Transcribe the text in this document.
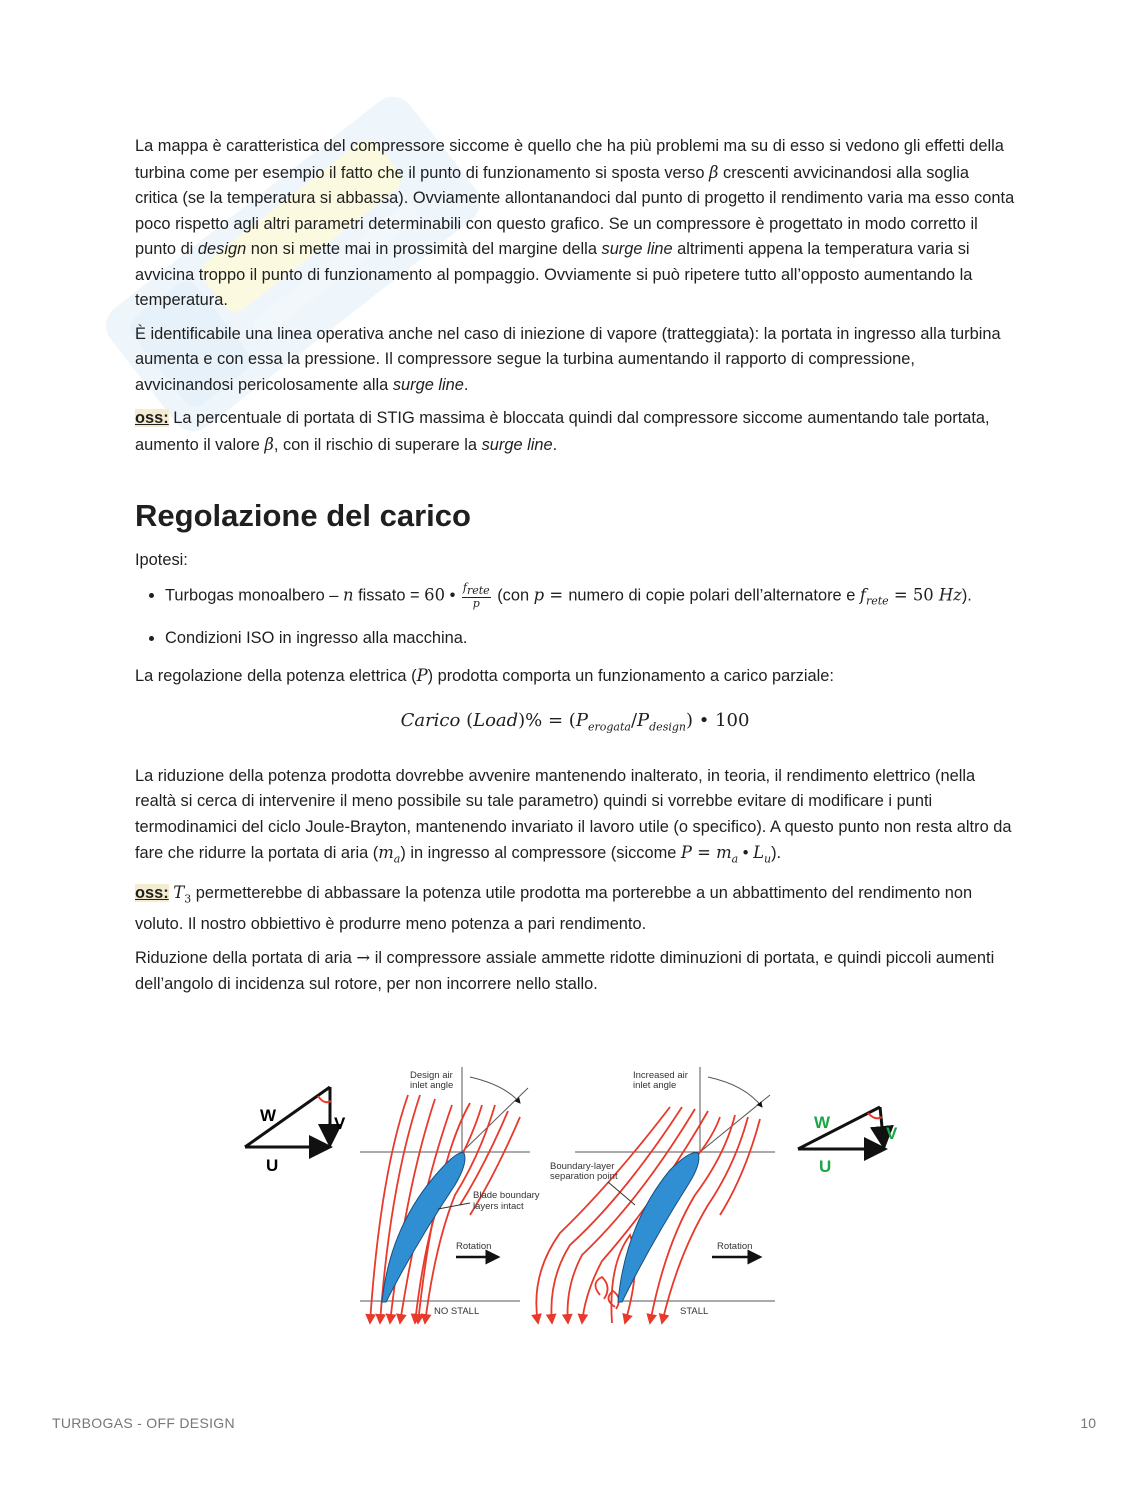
La mappa è caratteristica del compressore siccome è quello che ha più problemi ma su di esso si vedono gli effetti della turbina come per esempio il fatto che il punto di funzionamento si sposta verso β crescenti avvicinandosi alla soglia critica (se la temperatura si abbassa). Ovviamente allontanandoci dal punto di progetto il rendimento varia ma esso conta poco rispetto agli altri parametri determinabili con questo grafico. Se un compressore è progettato in modo corretto il punto di design non si mette mai in prossimità del margine della surge line altrimenti appena la temperatura varia si avvicina troppo il punto di funzionamento al pompaggio. Ovviamente si può ripetere tutto all’opposto aumentando la temperatura.

È identificabile una linea operativa anche nel caso di iniezione di vapore (tratteggiata): la portata in ingresso alla turbina aumenta e con essa la pressione. Il compressore segue la turbina aumentando il rapporto di compressione, avvicinandosi pericolosamente alla surge line.

oss: La percentuale di portata di STIG massima è bloccata quindi dal compressore siccome aumentando tale portata, aumento il valore β, con il rischio di superare la surge line.

Regolazione del carico

Ipotesi:

• Turbogas monoalbero – n fissato = 60 • $\frac{f_{rete}}{p} (con$ p = numero di copie polari dell’alternatore e $f_{rete} = 50$ Hz).
• Condizioni ISO in ingresso alla macchina.

La regolazione della potenza elettrica (P) prodotta comporta un funzionamento a carico parziale:

Carico (Load)% = $(P_{erogata}/P_{design})$ • 100

La riduzione della potenza prodotta dovrebbe avvenire mantenendo inalterato, in teoria, il rendimento elettrico (nella realtà si cerca di intervenire il meno possibile su tale parametro) quindi si vorrebbe evitare di modificare i punti termodinamici del ciclo Joule-Brayton, mantenendo invariato il lavoro utile (o specifico). A questo punto non resta altro da fare che ridurre la portata di aria $(m_a)$ in ingresso al compressore (siccome $P = m_a$ • $L_u$).

oss: $T_3$ permetterebbe di abbassare la potenza utile prodotta ma porterebbe a un abbattimento del rendimento non voluto. Il nostro obbiettivo è produrre meno potenza a pari rendimento.

Riduzione della portata di aria → il compressore assiale ammette ridotte diminuzioni di portata, e quindi piccoli aumenti dell’angolo di incidenza sul rotore, per non incorrere nello stallo.

W	V
U
Design air
inlet angle
Blade boundary
layers intact
Rotation
NO STALL
Increased air
inlet angle
Boundary-layer
separation point
Rotation
STALL
W
V
U
TURBOGAS - OFF DESIGN	10
